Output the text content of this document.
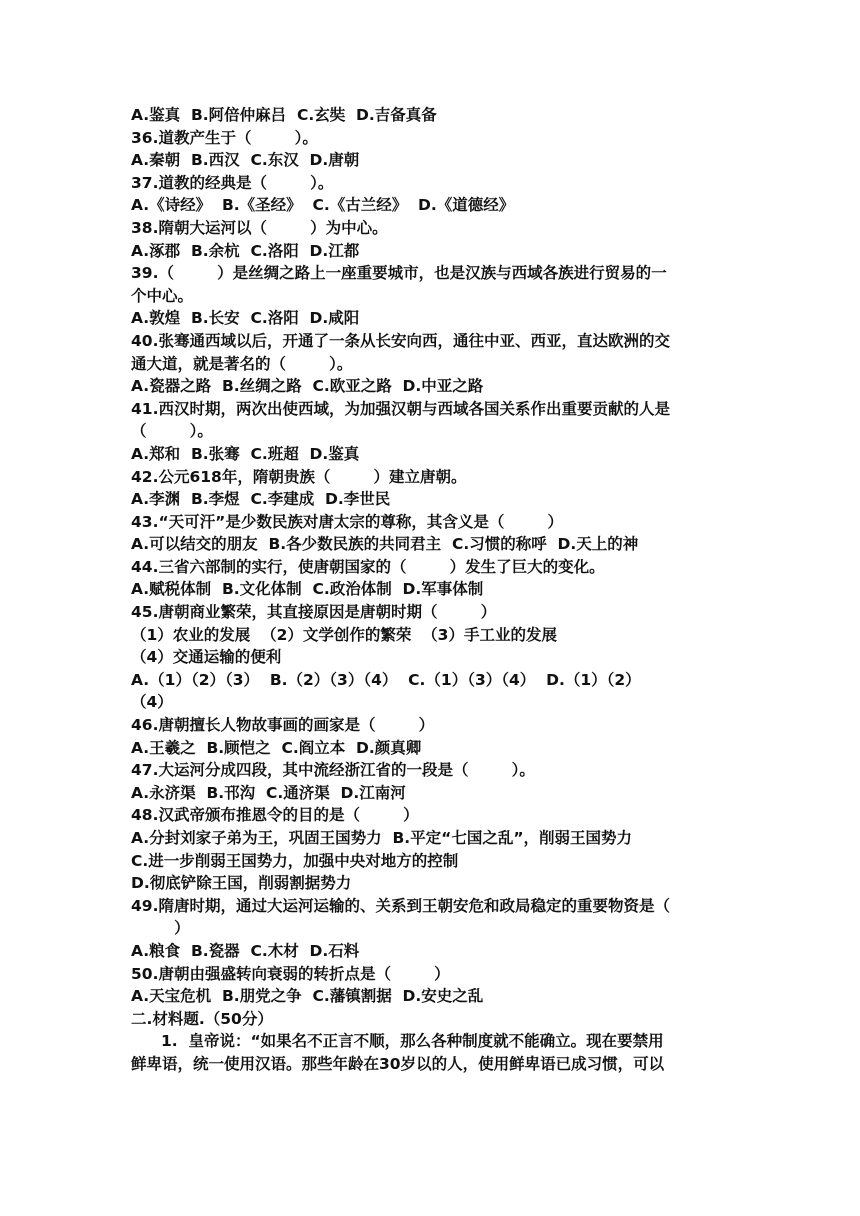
A.鉴真  B.阿倍仲麻吕  C.玄奘  D.吉备真备
36.道教产生于（        ）。
A.秦朝  B.西汉  C.东汉  D.唐朝
37.道教的经典是（        ）。
A.《诗经》  B.《圣经》  C.《古兰经》  D.《道德经》
38.隋朝大运河以（        ）为中心。
A.涿郡  B.余杭  C.洛阳  D.江都
39.（        ）是丝绸之路上一座重要城市，也是汉族与西域各族进行贸易的一
个中心。
A.敦煌  B.长安  C.洛阳  D.咸阳
40.张骞通西域以后，开通了一条从长安向西，通往中亚、西亚，直达欧洲的交
通大道，就是著名的（        ）。
A.瓷器之路  B.丝绸之路  C.欧亚之路  D.中亚之路
41.西汉时期，两次出使西域，为加强汉朝与西域各国关系作出重要贡献的人是
（        ）。
A.郑和  B.张骞  C.班超  D.鉴真
42.公元618年，隋朝贵族（        ）建立唐朝。
A.李渊  B.李煜  C.李建成  D.李世民
43.“天可汗”是少数民族对唐太宗的尊称，其含义是（        ）
A.可以结交的朋友  B.各少数民族的共同君主  C.习惯的称呼  D.天上的神
44.三省六部制的实行，使唐朝国家的（        ）发生了巨大的变化。
A.赋税体制  B.文化体制  C.政治体制  D.军事体制
45.唐朝商业繁荣，其直接原因是唐朝时期（        ）
（1）农业的发展  （2）文学创作的繁荣  （3）手工业的发展
（4）交通运输的便利
A.（1）（2）（3）  B.（2）（3）（4）  C.（1）（3）（4）  D.（1）（2）
（4）
46.唐朝擅长人物故事画的画家是（        ）
A.王羲之  B.顾恺之  C.阎立本  D.颜真卿
47.大运河分成四段，其中流经浙江省的一段是（        ）。
A.永济渠  B.邗沟  C.通济渠  D.江南河
48.汉武帝颁布推恩令的目的是（        ）
A.分封刘家子弟为王，巩固王国势力  B.平定“七国之乱”，削弱王国势力
C.进一步削弱王国势力，加强中央对地方的控制
D.彻底铲除王国，削弱割据势力
49.隋唐时期，通过大运河运输的、关系到王朝安危和政局稳定的重要物资是（
）
A.粮食  B.瓷器  C.木材  D.石料
50.唐朝由强盛转向衰弱的转折点是（        ）
A.天宝危机  B.朋党之争  C.藩镇割据  D.安史之乱
二.材料题.（50分）
1.  皇帝说：“如果名不正言不顺，那么各种制度就不能确立。现在要禁用
鲜卑语，统一使用汉语。那些年龄在30岁以的人，使用鲜卑语已成习惯，可以
